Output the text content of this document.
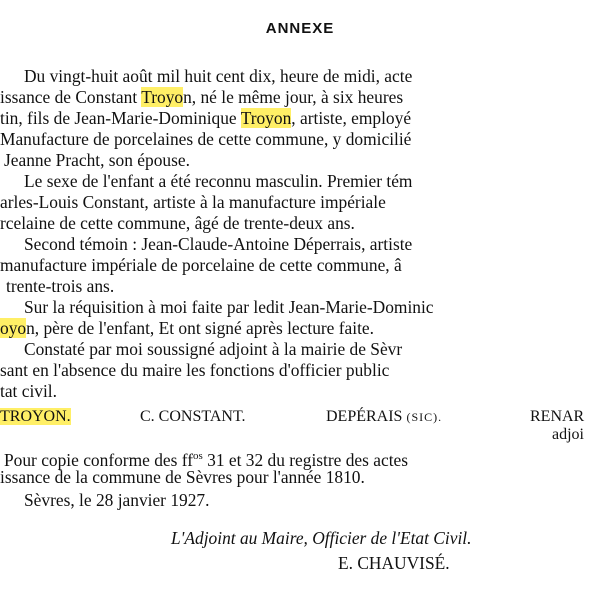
ANNEXE
Du vingt-huit août mil huit cent dix, heure de midi, acte
issance de Constant Troyon, né le même jour, à six heures
tin, fils de Jean-Marie-Dominique Troyon, artiste, employé
Manufacture de porcelaines de cette commune, y domicilié
Jeanne Pracht, son épouse.
Le sexe de l'enfant a été reconnu masculin. Premier tém
arles-Louis Constant, artiste à la manufacture impériale
rcelaine de cette commune, âgé de trente-deux ans.
Second témoin : Jean-Claude-Antoine Déperrais, artiste
manufacture impériale de porcelaine de cette commune, â
trente-trois ans.
Sur la réquisition à moi faite par ledit Jean-Marie-Dominic
oyon, père de l'enfant, Et ont signé après lecture faite.
Constaté par moi soussigné adjoint à la mairie de Sèvr
sant en l'absence du maire les fonctions d'officier public
tat civil.
TROYON.	C. CONSTANT.	DEPÉRAIS (SIC).	RENAR
adjoi
Pour copie conforme des $ff^{os}$ 31 et 32 du registre des actes
issance de la commune de Sèvres pour l'année 1810.
Sèvres, le 28 janvier 1927.
L'Adjoint au Maire, Officier de l'Etat Civil.
E. CHAUVISÉ.
